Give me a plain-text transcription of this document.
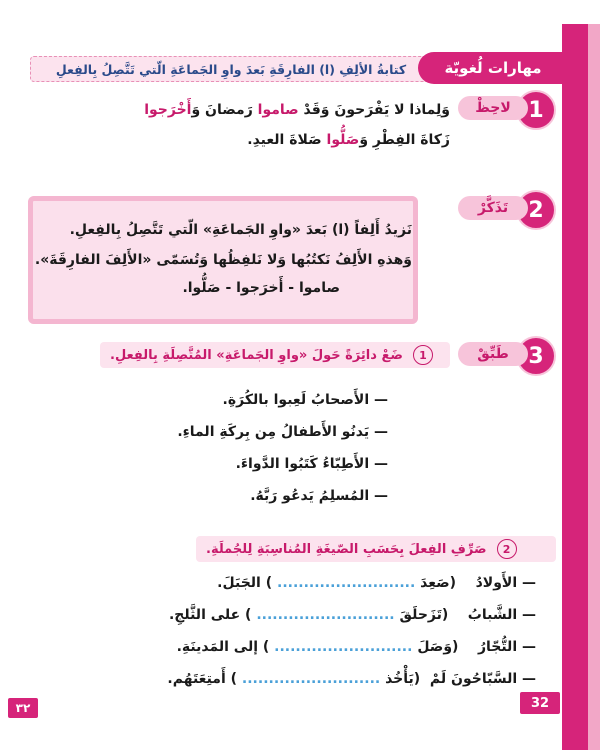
كتابةُ الألِفِ (ا) الفارِقَةِ بَعدَ واوِ الجَماعَةِ الّتي تَتَّصِلُ بِالفِعلِ	مهارات لُغويّة
1
لاحِظْ
وَلِماذا لا يَفْرَحونَ وَقَدْ صاموا رَمضانَ وَأَخْرَجوا
زَكاةَ الفِطْرِ وَصَلُّوا صَلاةَ العيدِ.
2
تَذَكَّرْ
نَزيدُ أَلِفاً (ا) بَعدَ «واوِ الجَماعَةِ» الّتي تَتَّصِلُ بِالفِعلِ.
وَهذهِ الأَلِفُ نَكتُبُها وَلا نَلفِظُها وَتُسَمّى «الأَلِفَ الفارِقَةَ».
صاموا - أَخرَجوا - صَلُّوا.
3
طَبِّقْ
1
ضَعْ دائِرَةً حَولَ «واوِ الجَماعَةِ» المُتَّصِلَةِ بِالفِعلِ.
— الأَصحابُ لَعِبوا بالكُرَةِ.
— يَدنُو الأَطفالُ مِن بِركَةِ الماءِ.
— الأَطِبّاءُ كَتَبُوا الدَّواءَ.
— المُسلِمُ يَدعُو رَبَّهُ.
2
صَرِّفِ الفِعلَ بِحَسَبِ الصّيغَةِ المُناسِبَةِ لِلجُملَةِ.
— الأَولادُ    (صَعِدَ .......................... ) الجَبَلَ.
— الشَّبابُ    (تَزَحلَقَ .......................... ) على الثَّلجِ.
— التُّجّارُ    (وَصَلَ .......................... ) إلى المَدينَةِ.
— السَّبّاحُونَ لَمْ  (يَأْخُذ .......................... ) أَمتِعَتَهُم.
٣٢	32
